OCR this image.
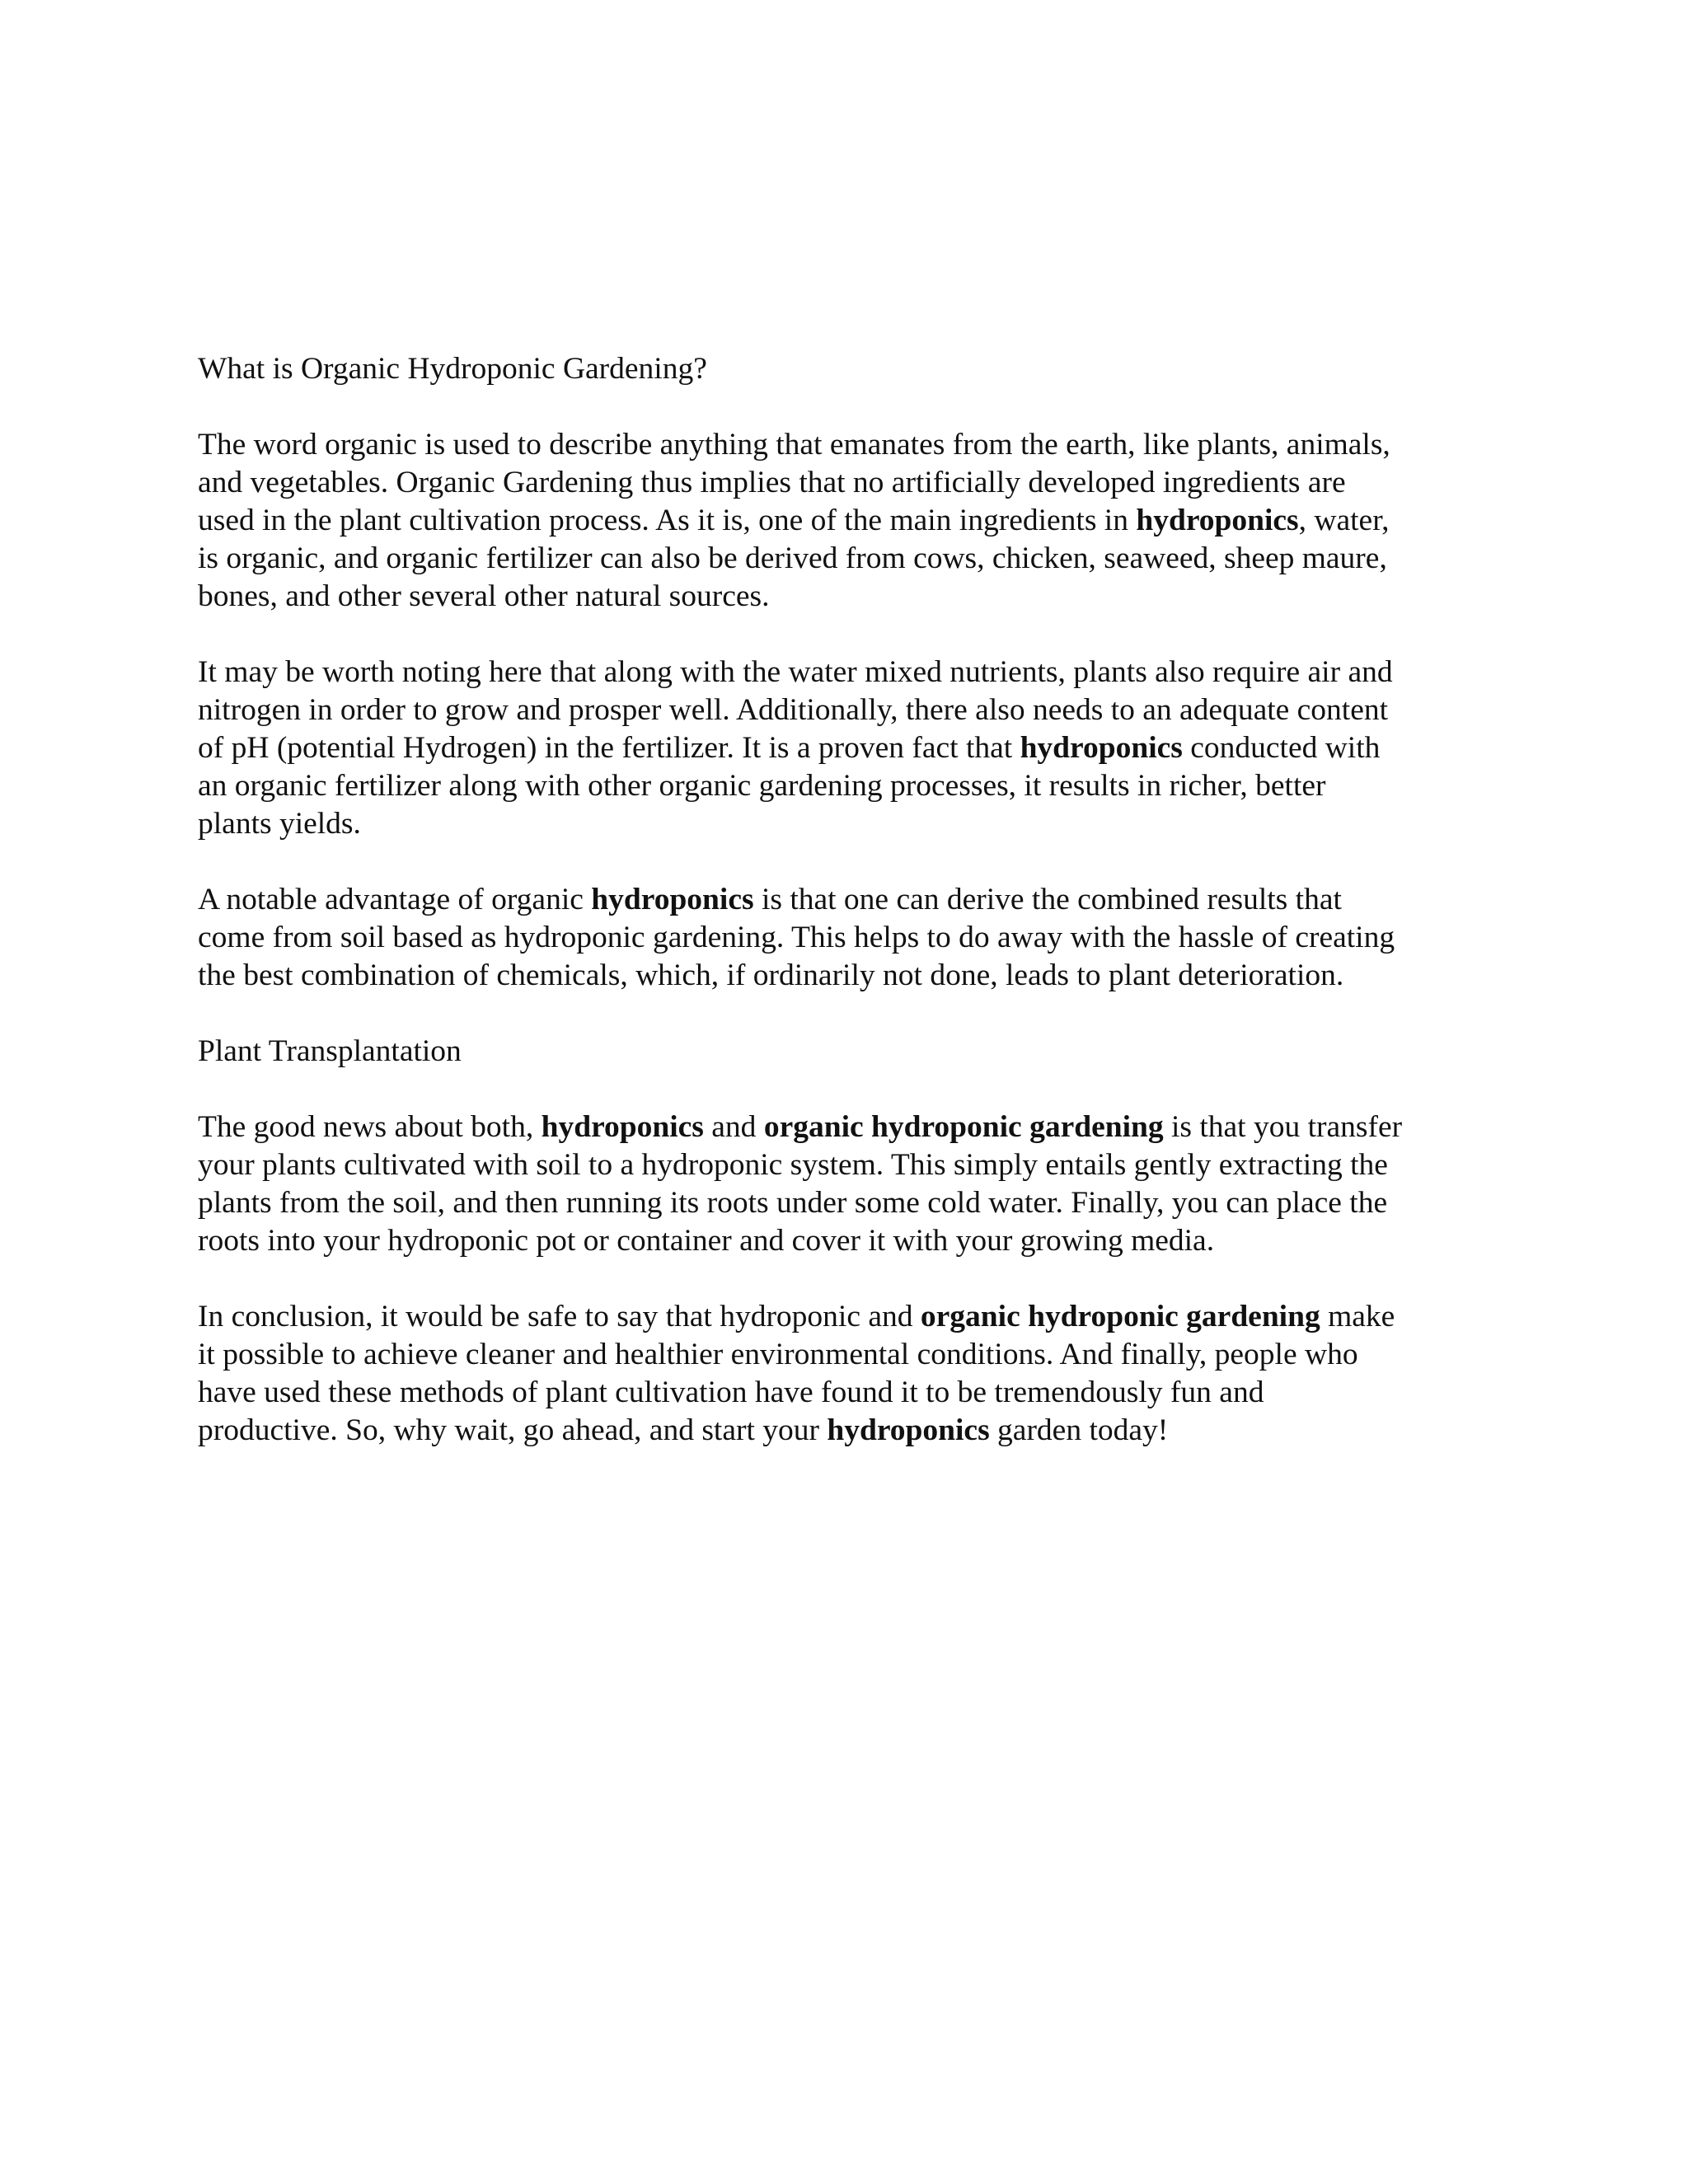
What is Organic Hydroponic Gardening?
The word organic is used to describe anything that emanates from the earth, like plants, animals,
and vegetables. Organic Gardening thus implies that no artificially developed ingredients are
used in the plant cultivation process. As it is, one of the main ingredients in hydroponics, water,
is organic, and organic fertilizer can also be derived from cows, chicken, seaweed, sheep maure,
bones, and other several other natural sources.
It may be worth noting here that along with the water mixed nutrients, plants also require air and
nitrogen in order to grow and prosper well. Additionally, there also needs to an adequate content
of pH (potential Hydrogen) in the fertilizer. It is a proven fact that hydroponics conducted with
an organic fertilizer along with other organic gardening processes, it results in richer, better
plants yields.
A notable advantage of organic hydroponics is that one can derive the combined results that
come from soil based as hydroponic gardening. This helps to do away with the hassle of creating
the best combination of chemicals, which, if ordinarily not done, leads to plant deterioration.
Plant Transplantation
The good news about both, hydroponics and organic hydroponic gardening is that you transfer
your plants cultivated with soil to a hydroponic system. This simply entails gently extracting the
plants from the soil, and then running its roots under some cold water. Finally, you can place the
roots into your hydroponic pot or container and cover it with your growing media.
In conclusion, it would be safe to say that hydroponic and organic hydroponic gardening make
it possible to achieve cleaner and healthier environmental conditions. And finally, people who
have used these methods of plant cultivation have found it to be tremendously fun and
productive. So, why wait, go ahead, and start your hydroponics garden today!
